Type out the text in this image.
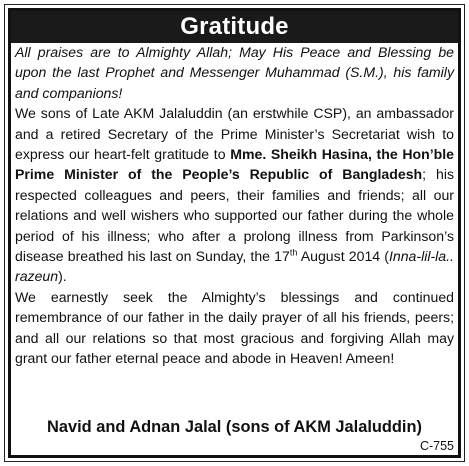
Gratitude

All praises are to Almighty Allah; May His Peace and Blessing be upon the last Prophet and Messenger Muhammad (S.M.), his family and companions!

We sons of Late AKM Jalaluddin (an erstwhile CSP), an ambassador and a retired Secretary of the Prime Minister’s Secretariat wish to express our heart-felt gratitude to Mme. Sheikh Hasina, the Hon’ble Prime Minister of the People’s Republic of Bangladesh; his respected colleagues and peers, their families and friends; all our relations and well wishers who supported our father during the whole period of his illness; who after a prolong illness from Parkinson’s disease breathed his last on Sunday, the 17th August 2014 (Inna-lil-la.. razeun).

We earnestly seek the Almighty’s blessings and continued remembrance of our father in the daily prayer of all his friends, peers; and all our relations so that most gracious and forgiving Allah may grant our father eternal peace and abode in Heaven! Ameen!

Navid and Adnan Jalal (sons of AKM Jalaluddin)
C-755
